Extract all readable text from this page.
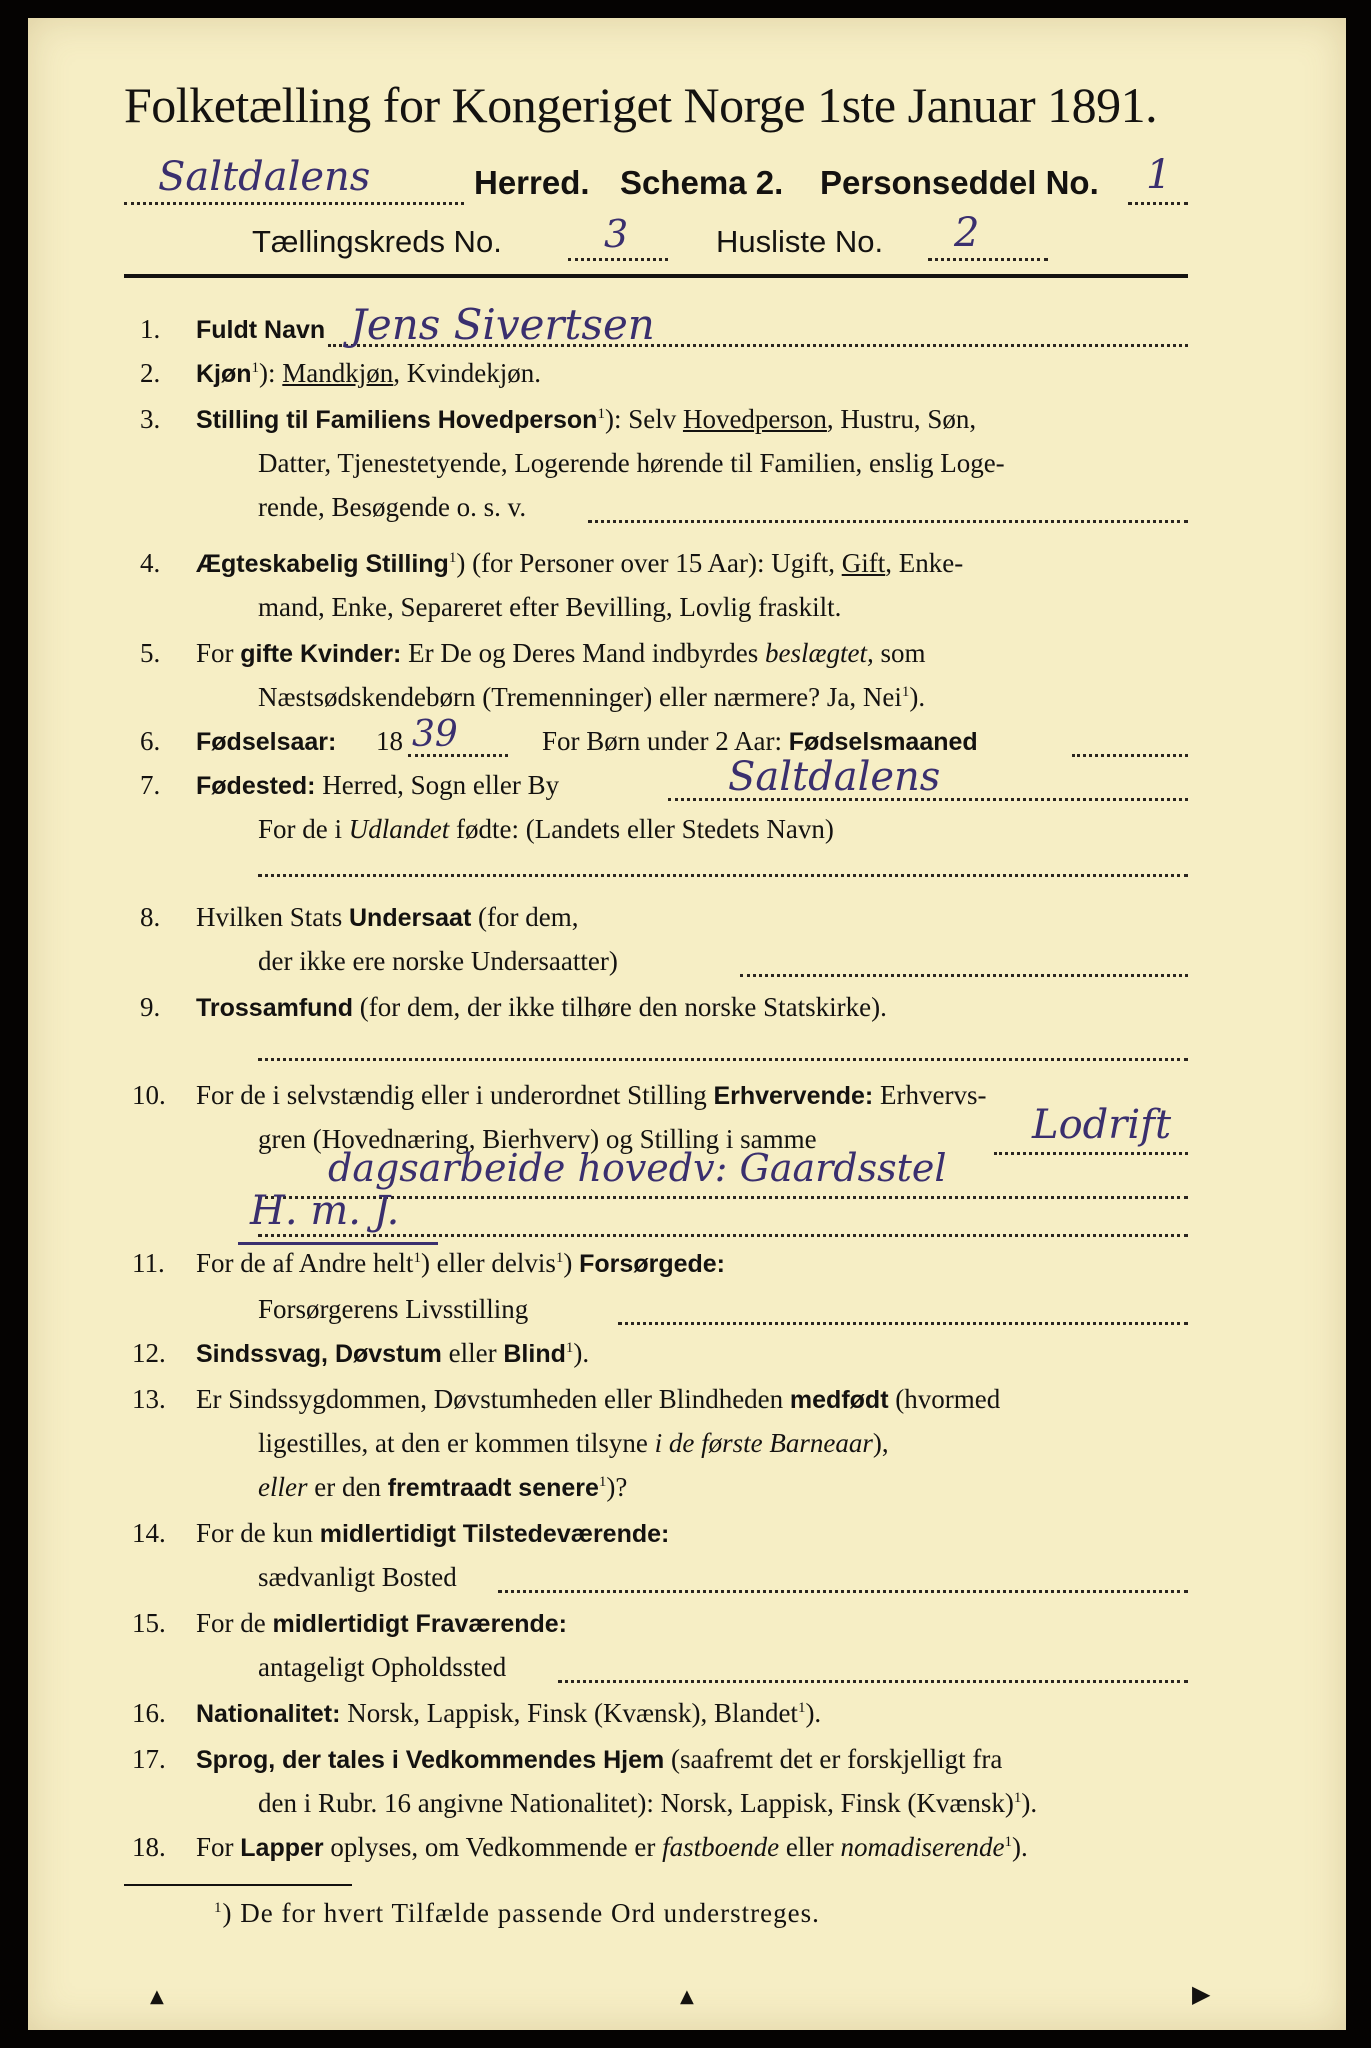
Folketælling for Kongeriget Norge 1ste Januar 1891.
Saltdalens	Herred. Schema 2. Personseddel No. 1
Tællingskreds No.	3	Husliste No. 2
1. Fuldt Navn Jens Sivertsen
2. Kjøn$^1$): Mandkjøn, Kvindekjøn.
3. Stilling til Familiens Hovedperson$^1$): Selv Hovedperson, Hustru, Søn,
Datter, Tjenestetyende, Logerende hørende til Familien, enslig Loge-
rende, Besøgende o. s. v.
4. Ægteskabelig Stilling$^1$) (for Personer over 15 Aar): Ugift, Gift, Enke-
mand, Enke, Separeret efter Bevilling, Lovlig fraskilt.
5. For gifte Kvinder: Er De og Deres Mand indbyrdes beslægtet, som
Næstsødskendebørn (Tremenninger) eller nærmere? Ja, Nei$^1$).
6. Fødselsaar: 18 39	For Børn under 2 Aar: Fødselsmaaned
7. Fødested: Herred, Sogn eller By	Saltdalens
For de i Udlandet fødte: (Landets eller Stedets Navn)
8. Hvilken Stats Undersaat (for dem,
der ikke ere norske Undersaatter)
9. Trossamfund (for dem, der ikke tilhøre den norske Statskirke).
10. For de i selvstændig eller i underordnet Stilling Erhvervende: Erhvervs-
gren (Hovednæring, Bierhverv) og Stilling i samme	Lodrift
dagsarbeide hovedv: Gaardsstel
H. m. J.
11. For de af Andre helt$^1$) eller delvis$^1$) Forsørgede:
Forsørgerens Livsstilling
12. Sindssvag, Døvstum eller Blind$^1$).
13. Er Sindssygdommen, Døvstumheden eller Blindheden medfødt (hvormed
ligestilles, at den er kommen tilsyne i de første Barneaar),
eller er den fremtraadt senere$^1$)?
14. For de kun midlertidigt Tilstedeværende:
sædvanligt Bosted
15. For de midlertidigt Fraværende:
antageligt Opholdssted
16. Nationalitet: Norsk, Lappisk, Finsk (Kvænsk), Blandet$^1$).
17. Sprog, der tales i Vedkommendes Hjem (saafremt det er forskjelligt fra
den i Rubr. 16 angivne Nationalitet): Norsk, Lappisk, Finsk (Kvænsk)$^1$).
18. For Lapper oplyses, om Vedkommende er fastboende eller nomadiserende$^1$).
$^1$) De for hvert Tilfælde passende Ord understreges.
▲	▲	▶
